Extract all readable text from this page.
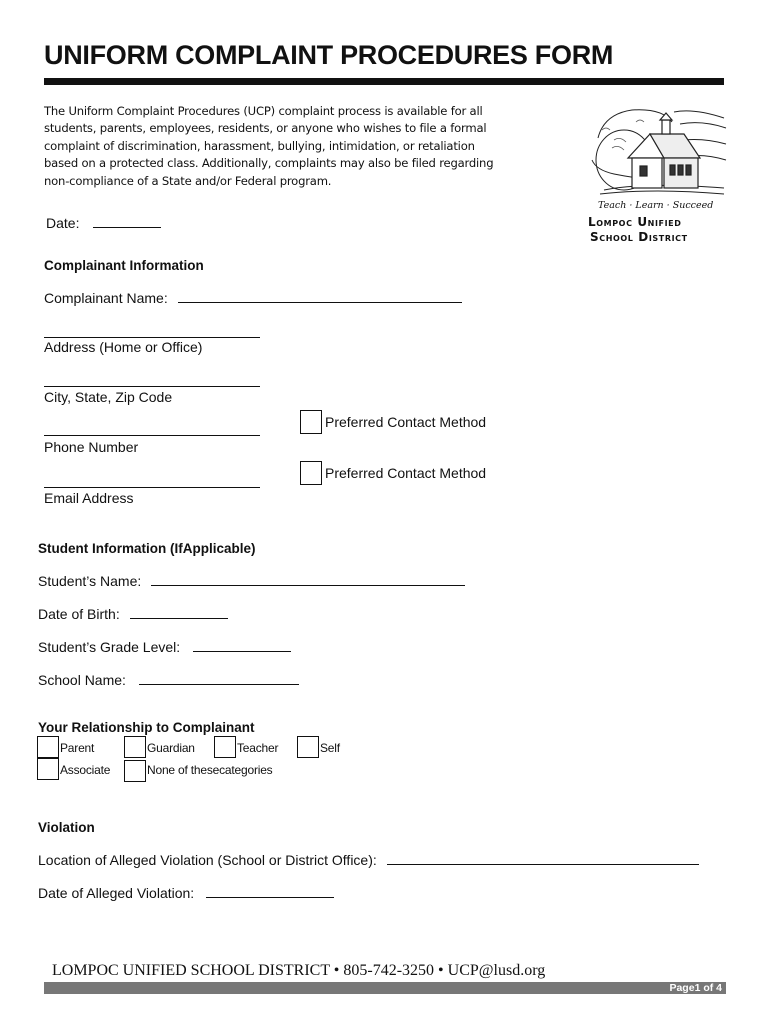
UNIFORM COMPLAINT PROCEDURES FORM

The Uniform Complaint Procedures (UCP) complaint process is available for all students, parents, employees, residents, or anyone who wishes to file a formal complaint of discrimination, harassment, bullying, intimidation, or retaliation based on a protected class. Additionally, complaints may also be filed regarding non-compliance of a State and/or Federal program.

Teach · Learn · Succeed
Lompoc Unified
School District
Date:
Complainant Information
Complainant Name:
Address (Home or Office)
City, State, Zip Code
Phone Number
Preferred Contact Method
Email Address
Preferred Contact Method
Student Information (IfApplicable)
Student’s Name:
Date of Birth:
Student’s Grade Level:
School Name:
Your Relationship to Complainant
Parent	Guardian	Teacher	Self
Associate	None of thesecategories
Violation
Location of Alleged Violation (School or District Office):
Date of Alleged Violation:

LOMPOC UNIFIED SCHOOL DISTRICT • 805-742-3250 • UCP@lusd.org

Page1 of 4
